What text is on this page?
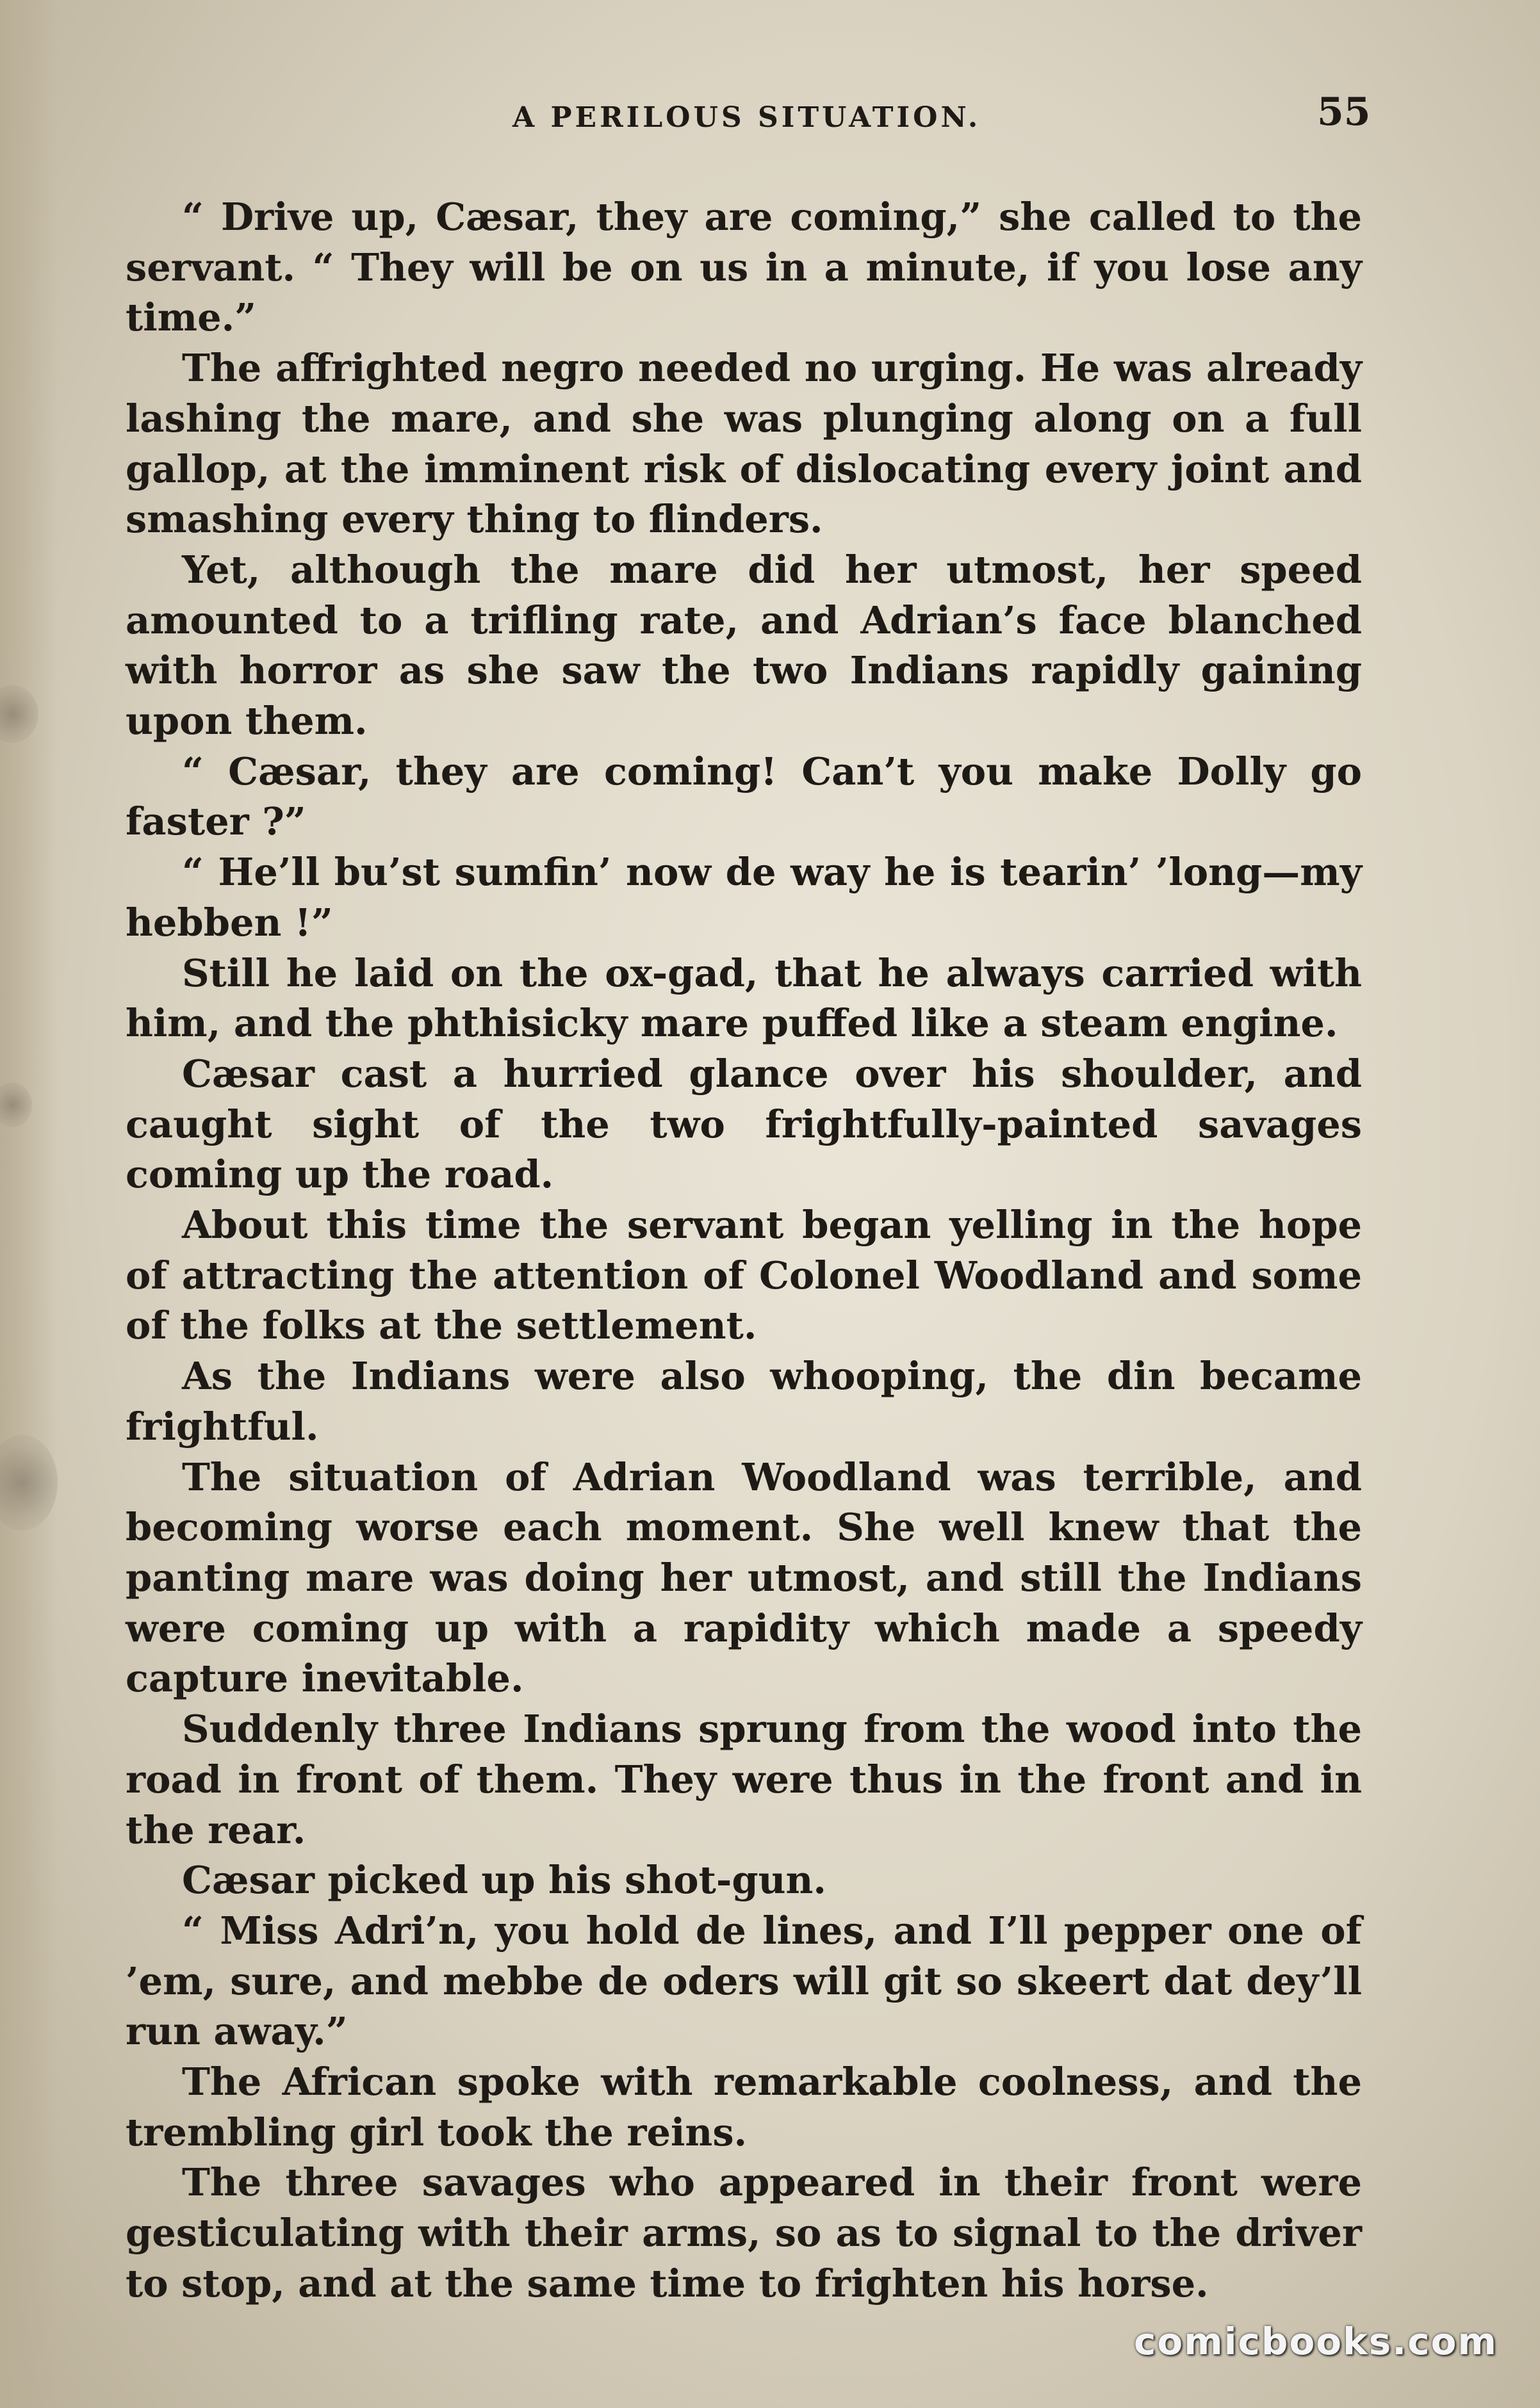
A PERILOUS SITUATION.	55

“ Drive up, Cæsar, they are coming,” she called to the servant. “ They will be on us in a minute, if you lose any time.”

The affrighted negro needed no urging. He was already lashing the mare, and she was plunging along on a full gallop, at the imminent risk of dislocating every joint and smashing every thing to flinders.

Yet, although the mare did her utmost, her speed amounted to a trifling rate, and Adrian’s face blanched with horror as she saw the two Indians rapidly gaining upon them.

“ Cæsar, they are coming! Can’t you make Dolly go faster ?”

“ He’ll bu’st sumfin’ now de way he is tearin’ ’long—my hebben !”

Still he laid on the ox-gad, that he always carried with him, and the phthisicky mare puffed like a steam engine.

Cæsar cast a hurried glance over his shoulder, and caught sight of the two frightfully-painted savages coming up the road.

About this time the servant began yelling in the hope of attracting the attention of Colonel Woodland and some of the folks at the settlement.

As the Indians were also whooping, the din became frightful.

The situation of Adrian Woodland was terrible, and becoming worse each moment. She well knew that the panting mare was doing her utmost, and still the Indians were coming up with a rapidity which made a speedy capture inevitable.

Suddenly three Indians sprung from the wood into the road in front of them. They were thus in the front and in the rear.

Cæsar picked up his shot-gun.

“ Miss Adri’n, you hold de lines, and I’ll pepper one of ’em, sure, and mebbe de oders will git so skeert dat dey’ll run away.”

The African spoke with remarkable coolness, and the trembling girl took the reins.

The three savages who appeared in their front were gesticulating with their arms, so as to signal to the driver to stop, and at the same time to frighten his horse.

comicbooks.com
